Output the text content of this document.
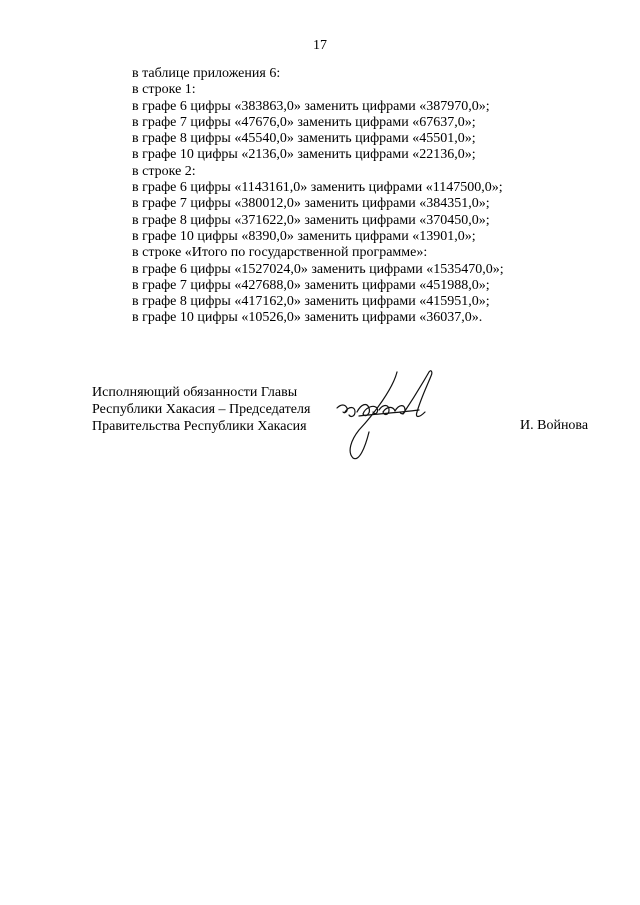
17
в таблице приложения 6:
в строке 1:
в графе 6 цифры «383863,0» заменить цифрами «387970,0»;
в графе 7 цифры «47676,0» заменить цифрами «67637,0»;
в графе 8 цифры «45540,0» заменить цифрами «45501,0»;
в графе 10 цифры «2136,0» заменить цифрами «22136,0»;
в строке 2:
в графе 6 цифры «1143161,0» заменить цифрами «1147500,0»;
в графе 7 цифры «380012,0» заменить цифрами «384351,0»;
в графе 8 цифры «371622,0» заменить цифрами «370450,0»;
в графе 10 цифры «8390,0» заменить цифрами «13901,0»;
в строке «Итого по государственной программе»:
в графе 6 цифры «1527024,0» заменить цифрами «1535470,0»;
в графе 7 цифры «427688,0» заменить цифрами «451988,0»;
в графе 8 цифры «417162,0» заменить цифрами «415951,0»;
в графе 10 цифры «10526,0» заменить цифрами «36037,0».
Исполняющий обязанности Главы
Республики Хакасия – Председателя
Правительства Республики Хакасия	И. Войнова
